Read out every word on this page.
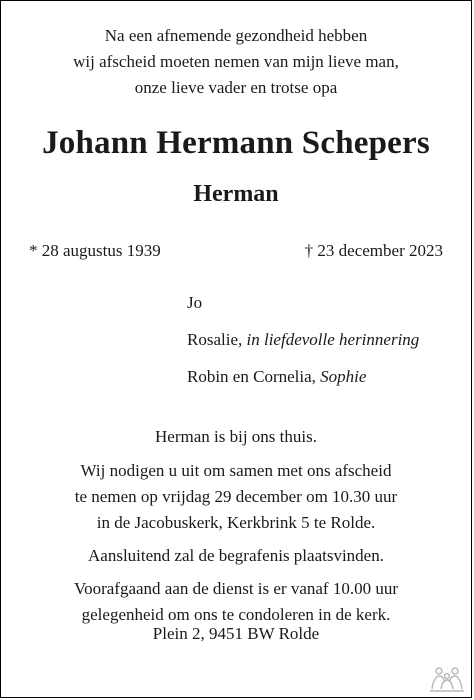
Na een afnemende gezondheid hebben
wij afscheid moeten nemen van mijn lieve man,
onze lieve vader en trotse opa
Johann Hermann Schepers
Herman
* 28 augustus 1939	† 23 december 2023
Jo
Rosalie, in liefdevolle herinnering
Robin en Cornelia, Sophie
Herman is bij ons thuis.
Wij nodigen u uit om samen met ons afscheid
te nemen op vrijdag 29 december om 10.30 uur
in de Jacobuskerk, Kerkbrink 5 te Rolde.
Aansluitend zal de begrafenis plaatsvinden.
Voorafgaand aan de dienst is er vanaf 10.00 uur
gelegenheid om ons te condoleren in de kerk.
Plein 2, 9451 BW Rolde
